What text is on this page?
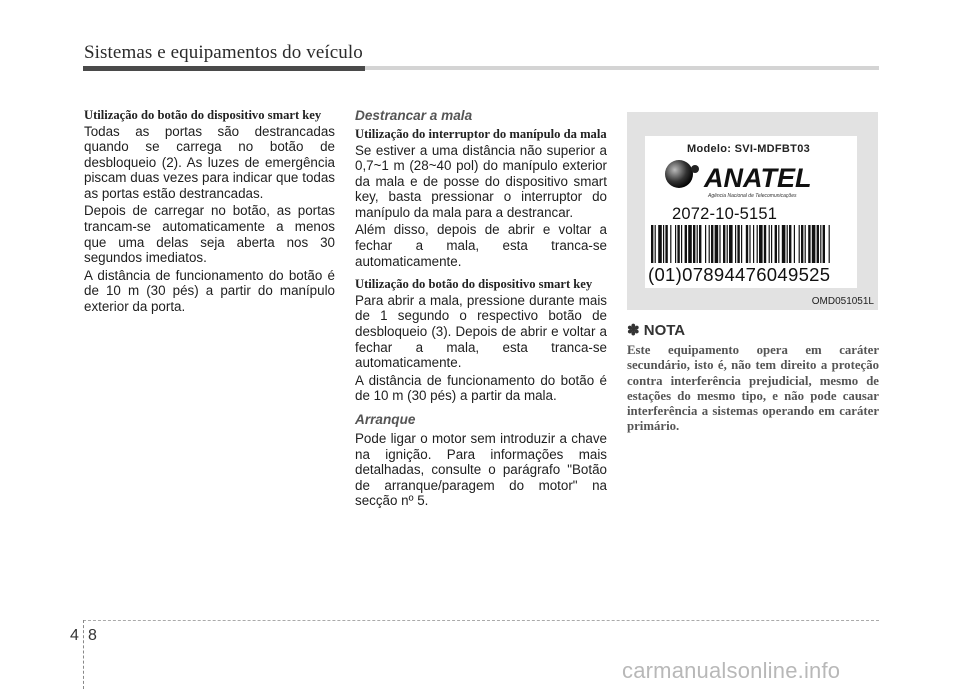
Sistemas e equipamentos do veículo

Utilização do botão do dispositivo smart key

Todas as portas são destrancadas quando se carrega no botão de desbloqueio (2). As luzes de emergência piscam duas vezes para indicar que todas as portas estão destrancadas.

Depois de carregar no botão, as portas trancam-se automaticamente a menos que uma delas seja aberta nos 30 segundos imediatos.

A distância de funcionamento do botão é de 10 m (30 pés) a partir do manípulo exterior da porta.

Destrancar a mala

Utilização do interruptor do manípulo da mala

Se estiver a uma distância não superior a 0,7~1 m (28~40 pol) do manípulo exterior da mala e de posse do dispositivo smart key, basta pressionar o interruptor do manípulo da mala para a destrancar.

Além disso, depois de abrir e voltar a fechar a mala, esta tranca-se automaticamente.

Utilização do botão do dispositivo smart key

Para abrir a mala, pressione durante mais de 1 segundo o respectivo botão de desbloqueio (3). Depois de abrir e voltar a fechar a mala, esta tranca-se automaticamente.

A distância de funcionamento do botão é de 10 m (30 pés) a partir da mala.

Arranque

Pode ligar o motor sem introduzir a chave na ignição. Para informações mais detalhadas, consulte o parágrafo "Botão de arranque/paragem do motor" na secção nº 5.

Modelo: SVI-MDFBT03
ANATEL
Agência Nacional de Telecomunicações
2072-10-5151
(01)07894476049525
OMD051051L
✽ NOTA

Este equipamento opera em caráter secundário, isto é, não tem direito a proteção contra interferência prejudicial, mesmo de estações do mesmo tipo, e não pode causar interferência a sistemas operando em caráter primário.

4 8
carmanualsonline.info
